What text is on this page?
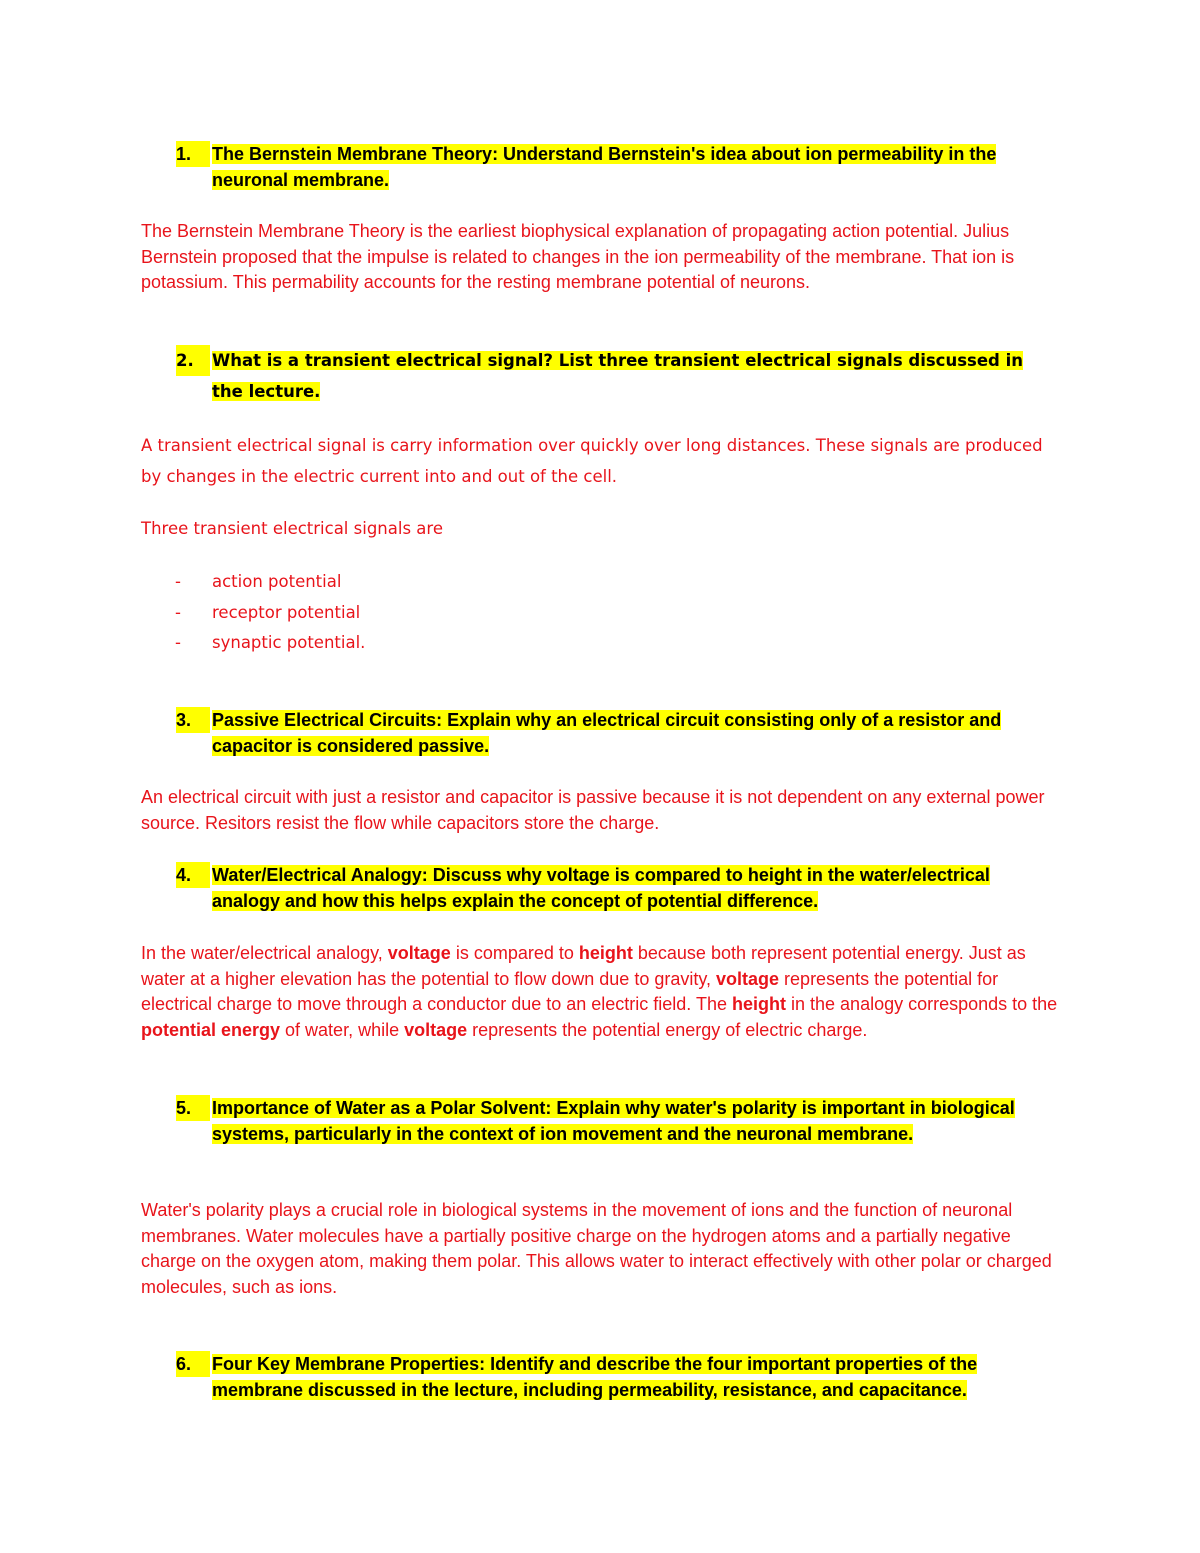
1.	The Bernstein Membrane Theory: Understand Bernstein's idea about ion permeability in the neuronal membrane.
The Bernstein Membrane Theory is the earliest biophysical explanation of propagating action potential. Julius Bernstein proposed that the impulse is related to changes in the ion permeability of the membrane. That ion is potassium. This permability accounts for the resting membrane potential of neurons.
2.	What is a transient electrical signal? List three transient electrical signals discussed in the lecture.
A transient electrical signal is carry information over quickly over long distances. These signals are produced by changes in the electric current into and out of the cell.
Three transient electrical signals are
- action potential
- receptor potential
- synaptic potential.
3.	Passive Electrical Circuits: Explain why an electrical circuit consisting only of a resistor and capacitor is considered passive.
An electrical circuit with just a resistor and capacitor is passive because it is not dependent on any external power source. Resitors resist the flow while capacitors store the charge.
4.	Water/Electrical Analogy: Discuss why voltage is compared to height in the water/electrical analogy and how this helps explain the concept of potential difference.
In the water/electrical analogy, voltage is compared to height because both represent potential energy. Just as water at a higher elevation has the potential to flow down due to gravity, voltage represents the potential for electrical charge to move through a conductor due to an electric field. The height in the analogy corresponds to the potential energy of water, while voltage represents the potential energy of electric charge.
5.	Importance of Water as a Polar Solvent: Explain why water's polarity is important in biological systems, particularly in the context of ion movement and the neuronal membrane.
Water's polarity plays a crucial role in biological systems in the movement of ions and the function of neuronal membranes. Water molecules have a partially positive charge on the hydrogen atoms and a partially negative charge on the oxygen atom, making them polar. This allows water to interact effectively with other polar or charged molecules, such as ions.
6.	Four Key Membrane Properties: Identify and describe the four important properties of the membrane discussed in the lecture, including permeability, resistance, and capacitance.
